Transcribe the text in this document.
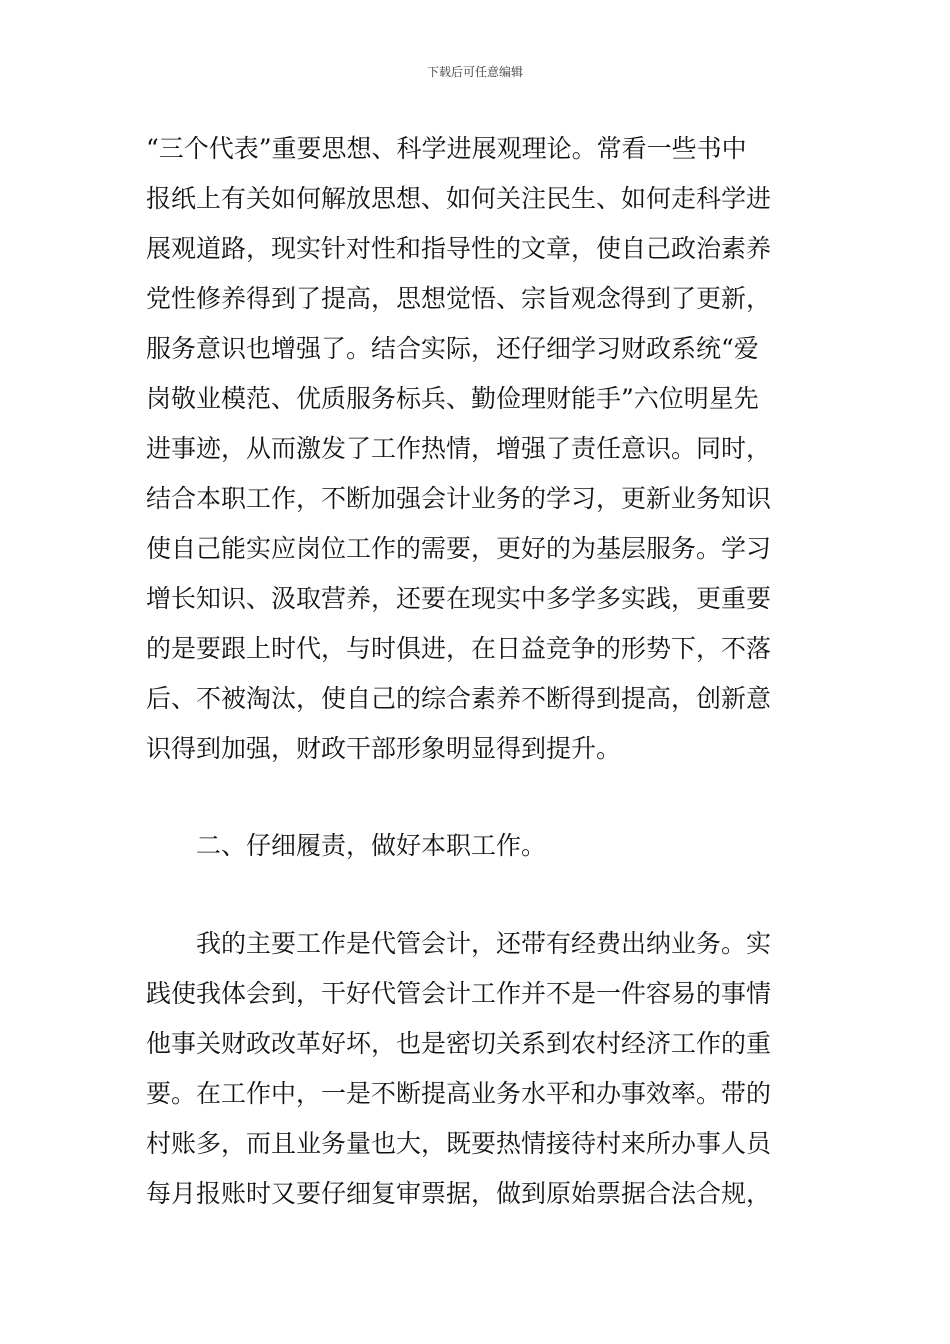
下载后可任意编辑
“三个代表”重要思想、科学进展观理论。常看一些书中
报纸上有关如何解放思想、如何关注民生、如何走科学进
展观道路，现实针对性和指导性的文章，使自己政治素养
党性修养得到了提高，思想觉悟、宗旨观念得到了更新，
服务意识也增强了。结合实际，还仔细学习财政系统“爱
岗敬业模范、优质服务标兵、勤俭理财能手”六位明星先
进事迹，从而激发了工作热情，增强了责任意识。同时，
结合本职工作，不断加强会计业务的学习，更新业务知识
使自己能实应岗位工作的需要，更好的为基层服务。学习
增长知识、汲取营养，还要在现实中多学多实践，更重要
的是要跟上时代，与时俱进，在日益竞争的形势下，不落
后、不被淘汰，使自己的综合素养不断得到提高，创新意
识得到加强，财政干部形象明显得到提升。
二、仔细履责，做好本职工作。
我的主要工作是代管会计，还带有经费出纳业务。实
践使我体会到，干好代管会计工作并不是一件容易的事情
他事关财政改革好坏，也是密切关系到农村经济工作的重
要。在工作中，一是不断提高业务水平和办事效率。带的
村账多，而且业务量也大，既要热情接待村来所办事人员
每月报账时又要仔细复审票据，做到原始票据合法合规，
